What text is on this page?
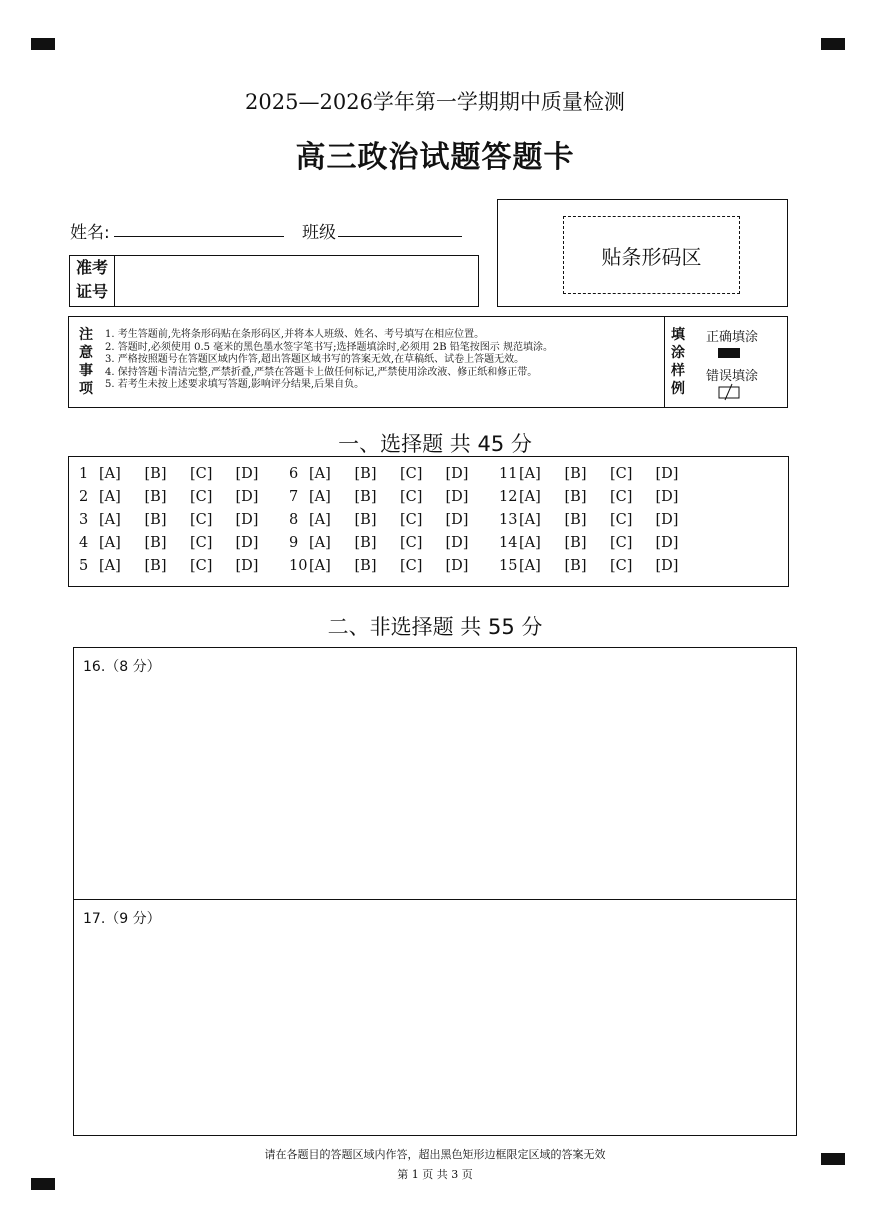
2025—2026学年第一学期期中质量检测
高三政治试题答题卡
姓名:	班级
准考
证号
贴条形码区
注
意
事
项
1. 考生答题前,先将条形码贴在条形码区,并将本人班级、姓名、考号填写在相应位置。
2. 答题时,必须使用 0.5 毫米的黑色墨水签字笔书写;选择题填涂时,必须用 2B 铅笔按图示 规范填涂。
3. 严格按照题号在答题区域内作答,超出答题区域书写的答案无效,在草稿纸、试卷上答题无效。
4. 保持答题卡清洁完整,严禁折叠,严禁在答题卡上做任何标记,严禁使用涂改液、修正纸和修正带。
5. 若考生未按上述要求填写答题,影响评分结果,后果自负。
填
涂
样
例
正确填涂
错误填涂
一、选择题 共 45 分
1 [A]	[B]	[C]	[D]	6 [A]	[B]	[C]	[D]	11 [A]	[B]	[C]	[D]
2 [A]	[B]	[C]	[D]	7 [A]	[B]	[C]	[D]	12 [A]	[B]	[C]	[D]
3 [A]	[B]	[C]	[D]	8 [A]	[B]	[C]	[D]	13 [A]	[B]	[C]	[D]
4 [A]	[B]	[C]	[D]	9 [A]	[B]	[C]	[D]	14 [A]	[B]	[C]	[D]
5 [A]	[B]	[C]	[D]	10 [A]	[B]	[C]	[D]	15 [A]	[B]	[C]	[D]
二、非选择题 共 55 分
16.（8 分）
17.（9 分）
请在各题目的答题区域内作答，超出黑色矩形边框限定区域的答案无效
第 1 页 共 3 页
